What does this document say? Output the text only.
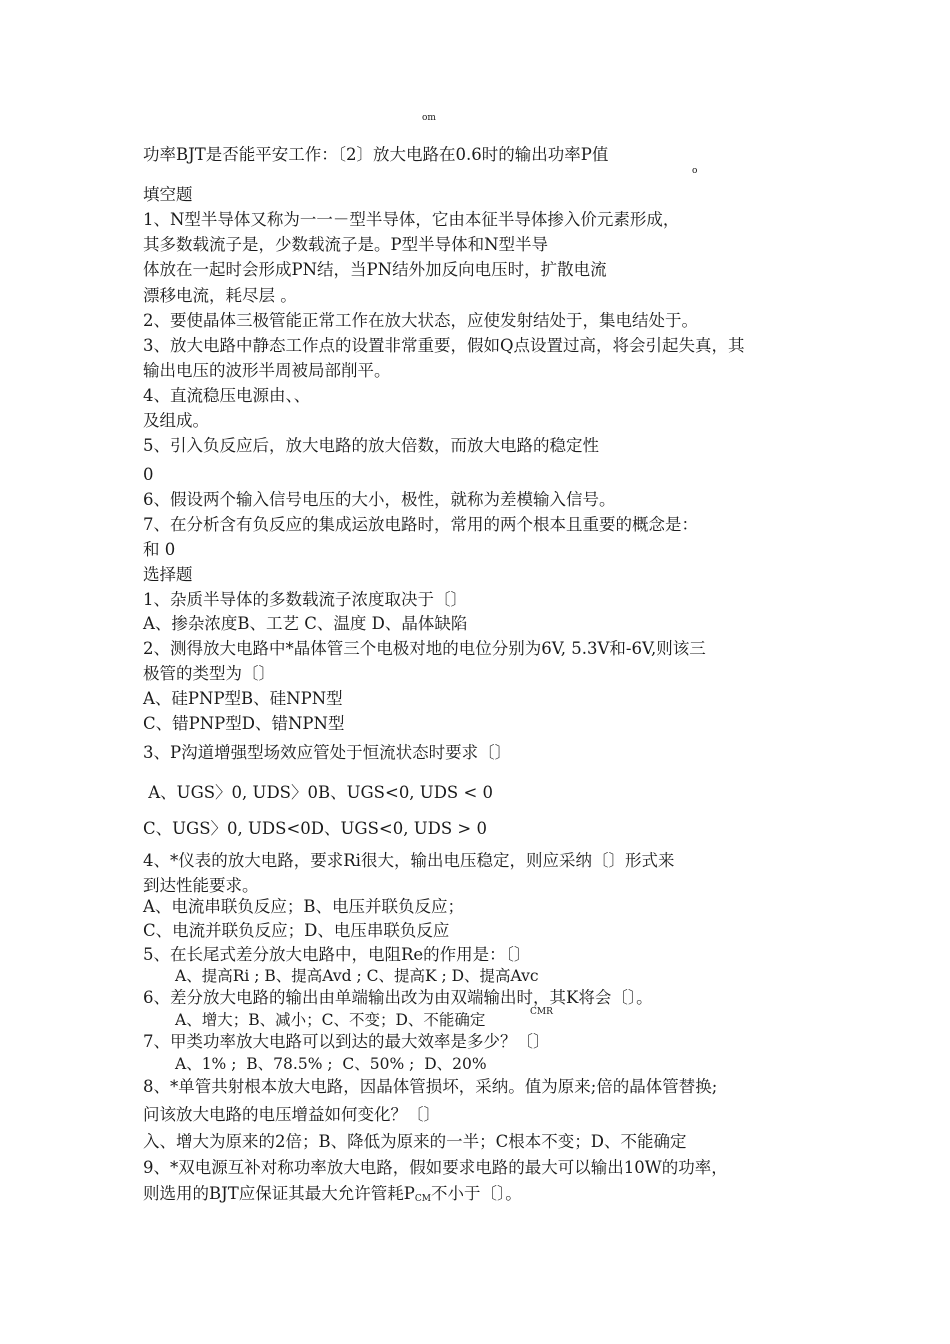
om
功率BJT是否能平安工作：〔2〕放大电路在0.6时的输出功率P值
o
填空题
1、N型半导体又称为一一－型半导体，它由本征半导体掺入价元素形成，
其多数载流子是，少数载流子是。P型半导体和N型半导
体放在一起时会形成PN结，当PN结外加反向电压时，扩散电流
漂移电流，耗尽层 。
2、要使晶体三极管能正常工作在放大状态，应使发射结处于，集电结处于。
3、放大电路中静态工作点的设置非常重要，假如Q点设置过高，将会引起失真，其
输出电压的波形半周被局部削平。
4、直流稳压电源由、、
及组成。
5、引入负反应后，放大电路的放大倍数，而放大电路的稳定性
0
6、假设两个输入信号电压的大小，极性，就称为差模输入信号。
7、在分析含有负反应的集成运放电路时，常用的两个根本且重要的概念是：
和 0
选择题
1、杂质半导体的多数载流子浓度取决于〔〕
A、掺杂浓度B、工艺 C、温度 D、晶体缺陷
2、测得放大电路中*晶体管三个电极对地的电位分别为6V, 5.3V和-6V,则该三
极管的类型为〔〕
A、硅PNP型B、硅NPN型
C、错PNP型D、错NPN型
3、P沟道增强型场效应管处于恒流状态时要求〔〕
A、UGS〉0, UDS〉0B、UGS<0, UDS < 0
C、UGS〉0, UDS<0D、UGS<0, UDS > 0
4、*仪表的放大电路，要求Ri很大，输出电压稳定，则应采纳〔〕形式来
到达性能要求。
A、电流串联负反应；B、电压并联负反应；
C、电流并联负反应；D、电压串联负反应
5、在长尾式差分放大电路中，电阻Re的作用是：〔〕
A、提高Ri ; B、提高Avd ; C、提高K ; D、提高Avc
6、差分放大电路的输出由单端输出改为由双端输出时，其K将会〔〕。
A、增大；B、减小；C、不变；D、不能确定	CMR
7、甲类功率放大电路可以到达的最大效率是多少？〔〕
A、1% ;  B、78.5% ;  C、50% ;  D、20%
8、*单管共射根本放大电路，因晶体管损坏，采纳。值为原来;倍的晶体管替换;
问该放大电路的电压增益如何变化？〔〕
入、增大为原来的2倍；B、降低为原来的一半；C根本不变；D、不能确定
9、*双电源互补对称功率放大电路，假如要求电路的最大可以输出10W的功率，
则选用的BJT应保证其最大允许管耗$P_{CM}$不小于〔〕。
